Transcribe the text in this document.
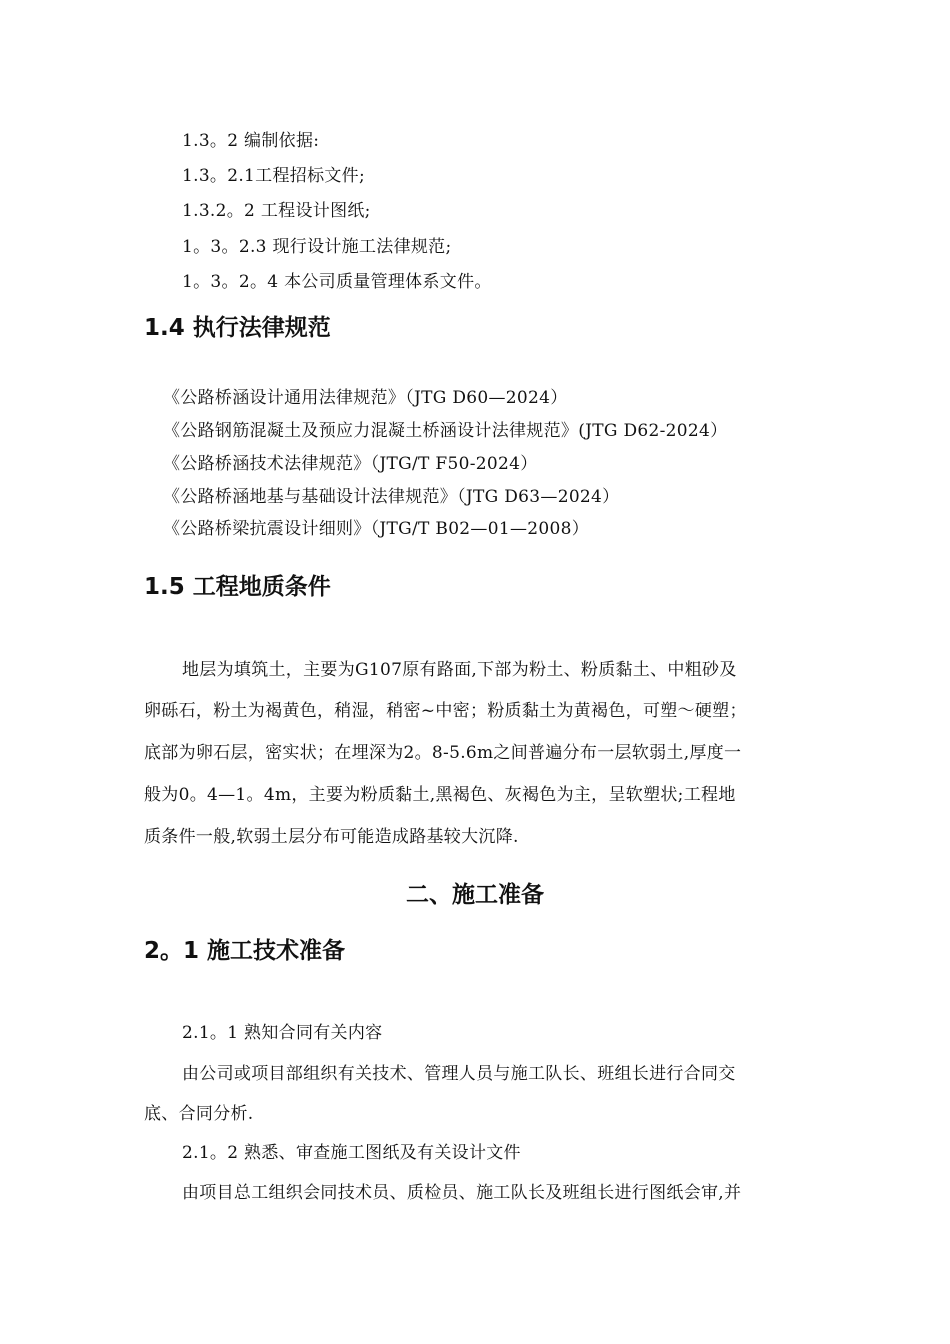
1.3。2 编制依据:
1.3。2.1工程招标文件;
1.3.2。2 工程设计图纸;
1。3。2.3 现行设计施工法律规范;
1。3。2。4 本公司质量管理体系文件。
1.4 执行法律规范
《公路桥涵设计通用法律规范》（JTG D60—2024）
《公路钢筋混凝土及预应力混凝土桥涵设计法律规范》(JTG D62-2024）
《公路桥涵技术法律规范》（JTG/T F50-2024）
《公路桥涵地基与基础设计法律规范》（JTG D63—2024）
《公路桥梁抗震设计细则》（JTG/T B02—01—2008）
1.5 工程地质条件
地层为填筑土，主要为G107原有路面,下部为粉土、粉质黏土、中粗砂及
卵砾石，粉土为褐黄色，稍湿，稍密~中密；粉质黏土为黄褐色，可塑～硬塑；
底部为卵石层，密实状；在埋深为2。8-5.6m之间普遍分布一层软弱土,厚度一
般为0。4—1。4m，主要为粉质黏土,黑褐色、灰褐色为主，呈软塑状;工程地
质条件一般,软弱土层分布可能造成路基较大沉降.
二、施工准备
2。1 施工技术准备
2.1。1 熟知合同有关内容
由公司或项目部组织有关技术、管理人员与施工队长、班组长进行合同交
底、合同分析.
2.1。2 熟悉、审查施工图纸及有关设计文件
由项目总工组织会同技术员、质检员、施工队长及班组长进行图纸会审,并
